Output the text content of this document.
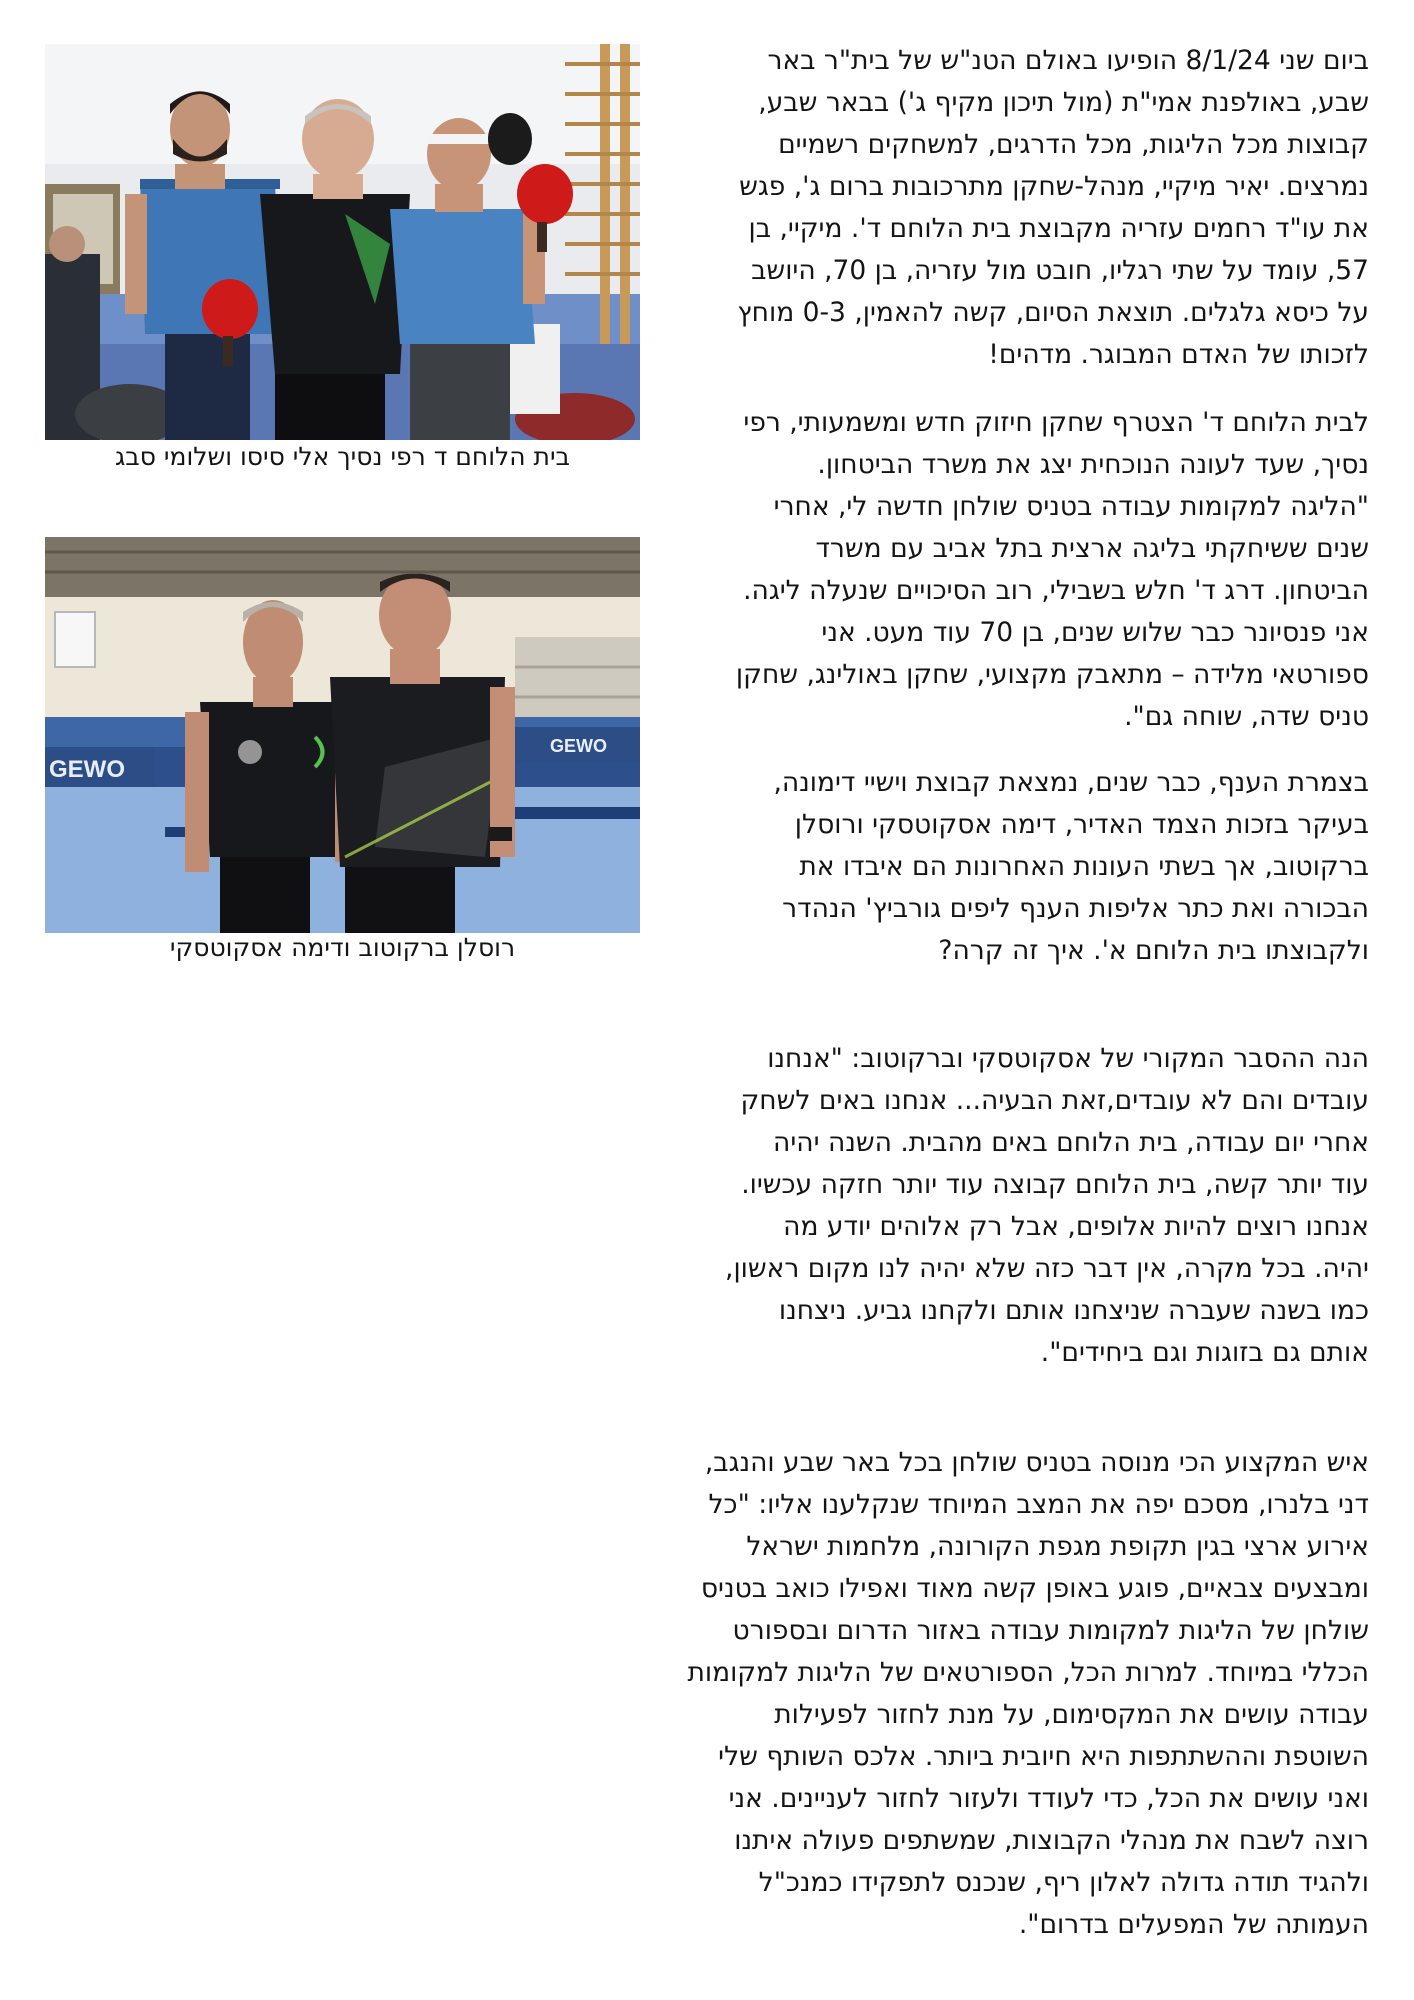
ביום שני 8/1/24 הופיעו באולם הטנ"ש של בית"ר באר
שבע, באולפנת אמי"ת (מול תיכון מקיף ג') בבאר שבע,
קבוצות מכל הליגות, מכל הדרגים, למשחקים רשמיים
נמרצים. יאיר מיקיי, מנהל-שחקן מתרכובות ברום ג', פגש
את עו"ד רחמים עזריה מקבוצת בית הלוחם ד'. מיקיי, בן
57, עומד על שתי רגליו, חובט מול עזריה, בן 70, היושב
על כיסא גלגלים. תוצאת הסיום, קשה להאמין, 0-3 מוחץ
לזכותו של האדם המבוגר. מדהים!

לבית הלוחם ד' הצטרף שחקן חיזוק חדש ומשמעותי, רפי
נסיך, שעד לעונה הנוכחית יצג את משרד הביטחון.
"הליגה למקומות עבודה בטניס שולחן חדשה לי, אחרי
שנים ששיחקתי בליגה ארצית בתל אביב עם משרד
הביטחון. דרג ד' חלש בשבילי, רוב הסיכויים שנעלה ליגה.
אני פנסיונר כבר שלוש שנים, בן 70 עוד מעט. אני
ספורטאי מלידה – מתאבק מקצועי, שחקן באולינג, שחקן
טניס שדה, שוחה גם".

בצמרת הענף, כבר שנים, נמצאת קבוצת וישיי דימונה,
בעיקר בזכות הצמד האדיר, דימה אסקוטסקי ורוסלן
ברקוטוב, אך בשתי העונות האחרונות הם איבדו את
הבכורה ואת כתר אליפות הענף ליפים גורביץ' הנהדר
ולקבוצתו בית הלוחם א'. איך זה קרה?

הנה ההסבר המקורי של אסקוטסקי וברקוטוב: "אנחנו
עובדים והם לא עובדים,זאת הבעיה... אנחנו באים לשחק
אחרי יום עבודה, בית הלוחם באים מהבית. השנה יהיה
עוד יותר קשה, בית הלוחם קבוצה עוד יותר חזקה עכשיו.
אנחנו רוצים להיות אלופים, אבל רק אלוהים יודע מה
יהיה. בכל מקרה, אין דבר כזה שלא יהיה לנו מקום ראשון,
כמו בשנה שעברה שניצחנו אותם ולקחנו גביע. ניצחנו
אותם גם בזוגות וגם ביחידים".

איש המקצוע הכי מנוסה בטניס שולחן בכל באר שבע והנגב,
דני בלנרו, מסכם יפה את המצב המיוחד שנקלענו אליו: "כל
אירוע ארצי בגין תקופת מגפת הקורונה, מלחמות ישראל
ומבצעים צבאיים, פוגע באופן קשה מאוד ואפילו כואב בטניס
שולחן של הליגות למקומות עבודה באזור הדרום ובספורט
הכללי במיוחד. למרות הכל, הספורטאים של הליגות למקומות
עבודה עושים את המקסימום, על מנת לחזור לפעילות
השוטפת וההשתתפות היא חיובית ביותר. אלכס השותף שלי
ואני עושים את הכל, כדי לעודד ולעזור לחזור לעניינים. אני
רוצה לשבח את מנהלי הקבוצות, שמשתפים פעולה איתנו
ולהגיד תודה גדולה לאלון ריף, שנכנס לתפקידו כמנכ"ל
העמותה של המפעלים בדרום".

בית הלוחם ד רפי נסיך אלי סיסו ושלומי סבג

GEWO
GEWO

רוסלן ברקוטוב ודימה אסקוטסקי
